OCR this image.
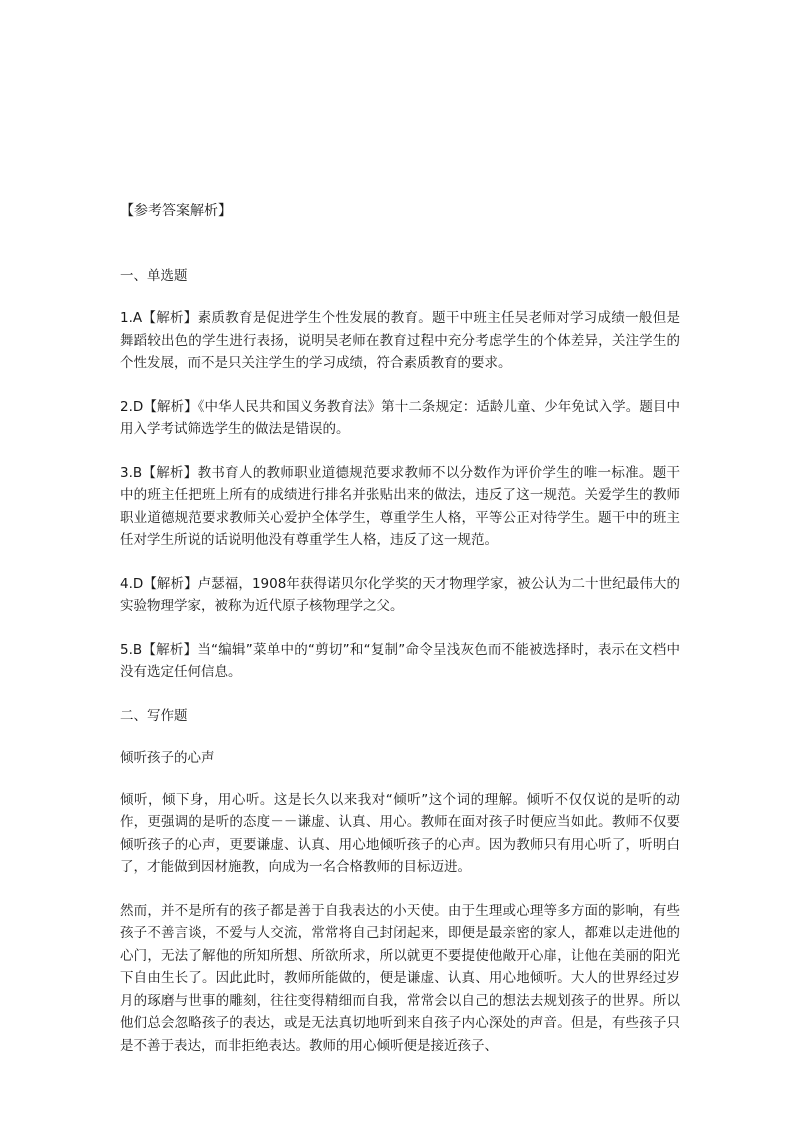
【参考答案解析】
一、单选题
1.A【解析】素质教育是促进学生个性发展的教育。题干中班主任吴老师对学习成绩一般但是舞蹈较出色的学生进行表扬，说明吴老师在教育过程中充分考虑学生的个体差异，关注学生的个性发展，而不是只关注学生的学习成绩，符合素质教育的要求。
2.D【解析】《中华人民共和国义务教育法》第十二条规定：适龄儿童、少年免试入学。题目中用入学考试筛选学生的做法是错误的。
3.B【解析】教书育人的教师职业道德规范要求教师不以分数作为评价学生的唯一标准。题干中的班主任把班上所有的成绩进行排名并张贴出来的做法，违反了这一规范。关爱学生的教师职业道德规范要求教师关心爱护全体学生，尊重学生人格，平等公正对待学生。题干中的班主任对学生所说的话说明他没有尊重学生人格，违反了这一规范。
4.D【解析】卢瑟福，1908年获得诺贝尔化学奖的天才物理学家，被公认为二十世纪最伟大的实验物理学家，被称为近代原子核物理学之父。
5.B【解析】当“编辑”菜单中的“剪切”和“复制”命令呈浅灰色而不能被选择时，表示在文档中没有选定任何信息。
二、写作题
倾听孩子的心声
倾听，倾下身，用心听。这是长久以来我对“倾听”这个词的理解。倾听不仅仅说的是听的动作，更强调的是听的态度－－谦虚、认真、用心。教师在面对孩子时便应当如此。教师不仅要倾听孩子的心声，更要谦虚、认真、用心地倾听孩子的心声。因为教师只有用心听了，听明白了，才能做到因材施教，向成为一名合格教师的目标迈进。
然而，并不是所有的孩子都是善于自我表达的小天使。由于生理或心理等多方面的影响，有些孩子不善言谈，不爱与人交流，常常将自己封闭起来，即便是最亲密的家人，都难以走进他的心门，无法了解他的所知所想、所欲所求，所以就更不要提使他敞开心扉，让他在美丽的阳光下自由生长了。因此此时，教师所能做的，便是谦虚、认真、用心地倾听。大人的世界经过岁月的琢磨与世事的雕刻，往往变得精细而自我，常常会以自己的想法去规划孩子的世界。所以他们总会忽略孩子的表达，或是无法真切地听到来自孩子内心深处的声音。但是，有些孩子只是不善于表达，而非拒绝表达。教师的用心倾听便是接近孩子、
